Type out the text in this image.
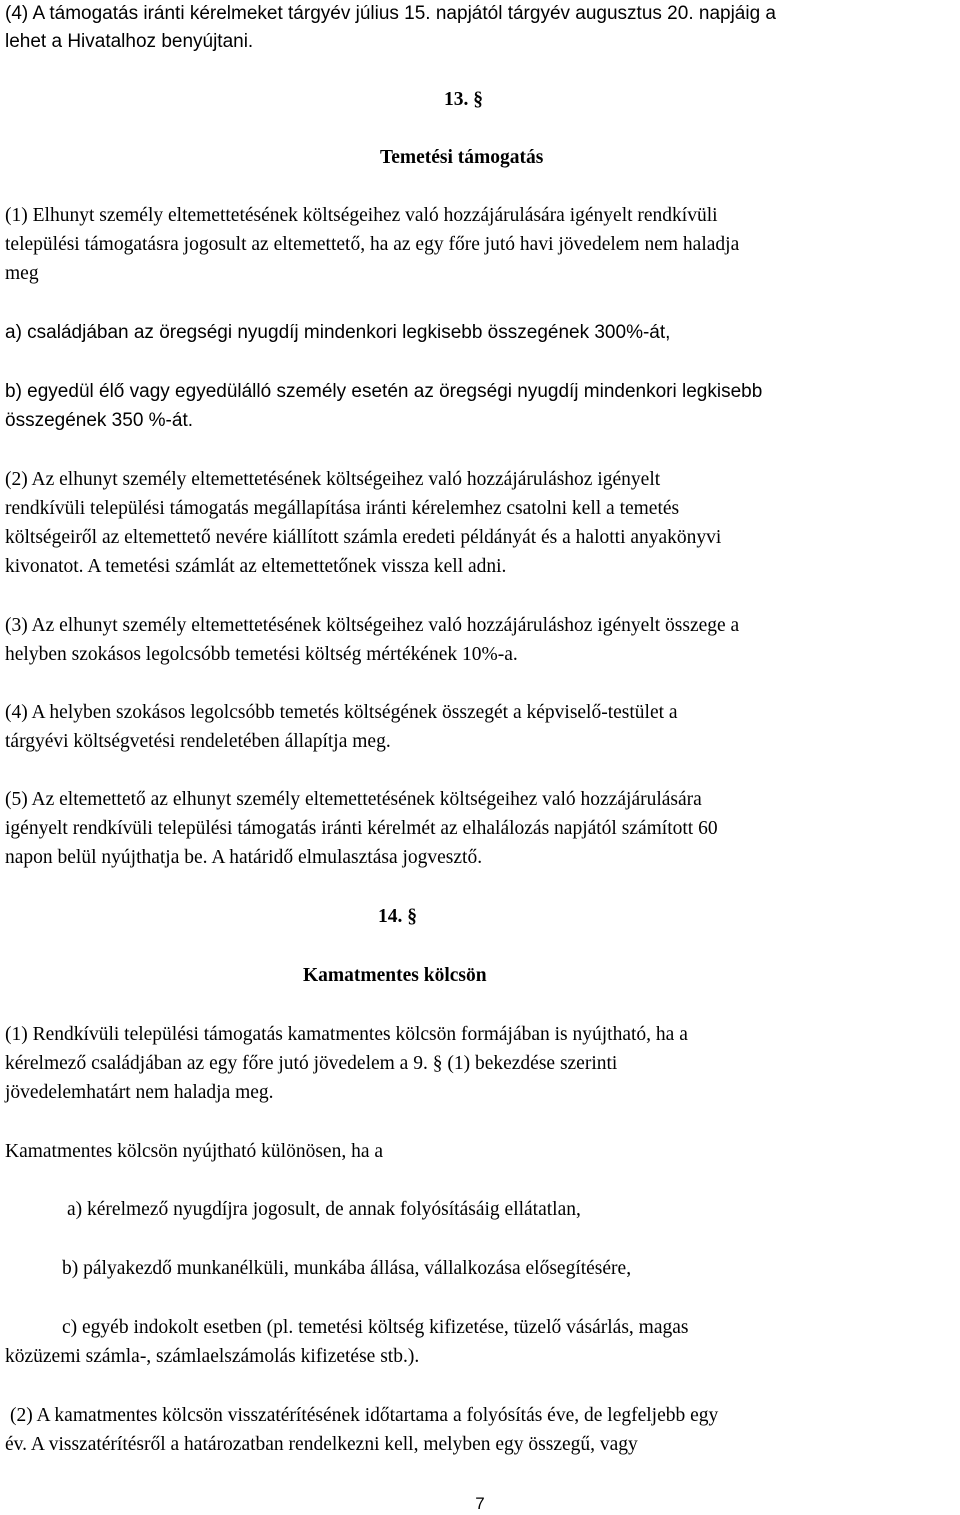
(4) A támogatás iránti kérelmeket tárgyév július 15. napjától tárgyév augusztus 20. napjáig a
lehet a Hivatalhoz benyújtani.
13. §
Temetési támogatás
(1) Elhunyt személy eltemettetésének költségeihez való hozzájárulására igényelt rendkívüli
települési támogatásra jogosult az eltemettető, ha az egy főre jutó havi jövedelem nem haladja
meg
a) családjában az öregségi nyugdíj mindenkori legkisebb összegének 300%-át,
b) egyedül élő vagy egyedülálló személy esetén az öregségi nyugdíj mindenkori legkisebb
összegének 350 %-át.
(2) Az elhunyt személy eltemettetésének költségeihez való hozzájáruláshoz igényelt
rendkívüli települési támogatás megállapítása iránti kérelemhez csatolni kell a temetés
költségeiről az eltemettető nevére kiállított számla eredeti példányát és a halotti anyakönyvi
kivonatot. A temetési számlát az eltemettetőnek vissza kell adni.
(3) Az elhunyt személy eltemettetésének költségeihez való hozzájáruláshoz igényelt összege a
helyben szokásos legolcsóbb temetési költség mértékének 10%-a.
(4) A helyben szokásos legolcsóbb temetés költségének összegét a képviselő-testület a
tárgyévi költségvetési rendeletében állapítja meg.
(5) Az eltemettető az elhunyt személy eltemettetésének költségeihez való hozzájárulására
igényelt rendkívüli települési támogatás iránti kérelmét az elhalálozás napjától számított 60
napon belül nyújthatja be. A határidő elmulasztása jogvesztő.
14. §
Kamatmentes kölcsön
(1) Rendkívüli települési támogatás kamatmentes kölcsön formájában is nyújtható, ha a
kérelmező családjában az egy főre jutó jövedelem a 9. § (1) bekezdése szerinti
jövedelemhatárt nem haladja meg.
Kamatmentes kölcsön nyújtható különösen, ha a
a) kérelmező nyugdíjra jogosult, de annak folyósításáig ellátatlan,
b) pályakezdő munkanélküli, munkába állása, vállalkozása elősegítésére,
c) egyéb indokolt esetben (pl. temetési költség kifizetése, tüzelő vásárlás, magas
közüzemi számla-, számlaelszámolás kifizetése stb.).
(2) A kamatmentes kölcsön visszatérítésének időtartama a folyósítás éve, de legfeljebb egy
év. A visszatérítésről a határozatban rendelkezni kell, melyben egy összegű, vagy
7
